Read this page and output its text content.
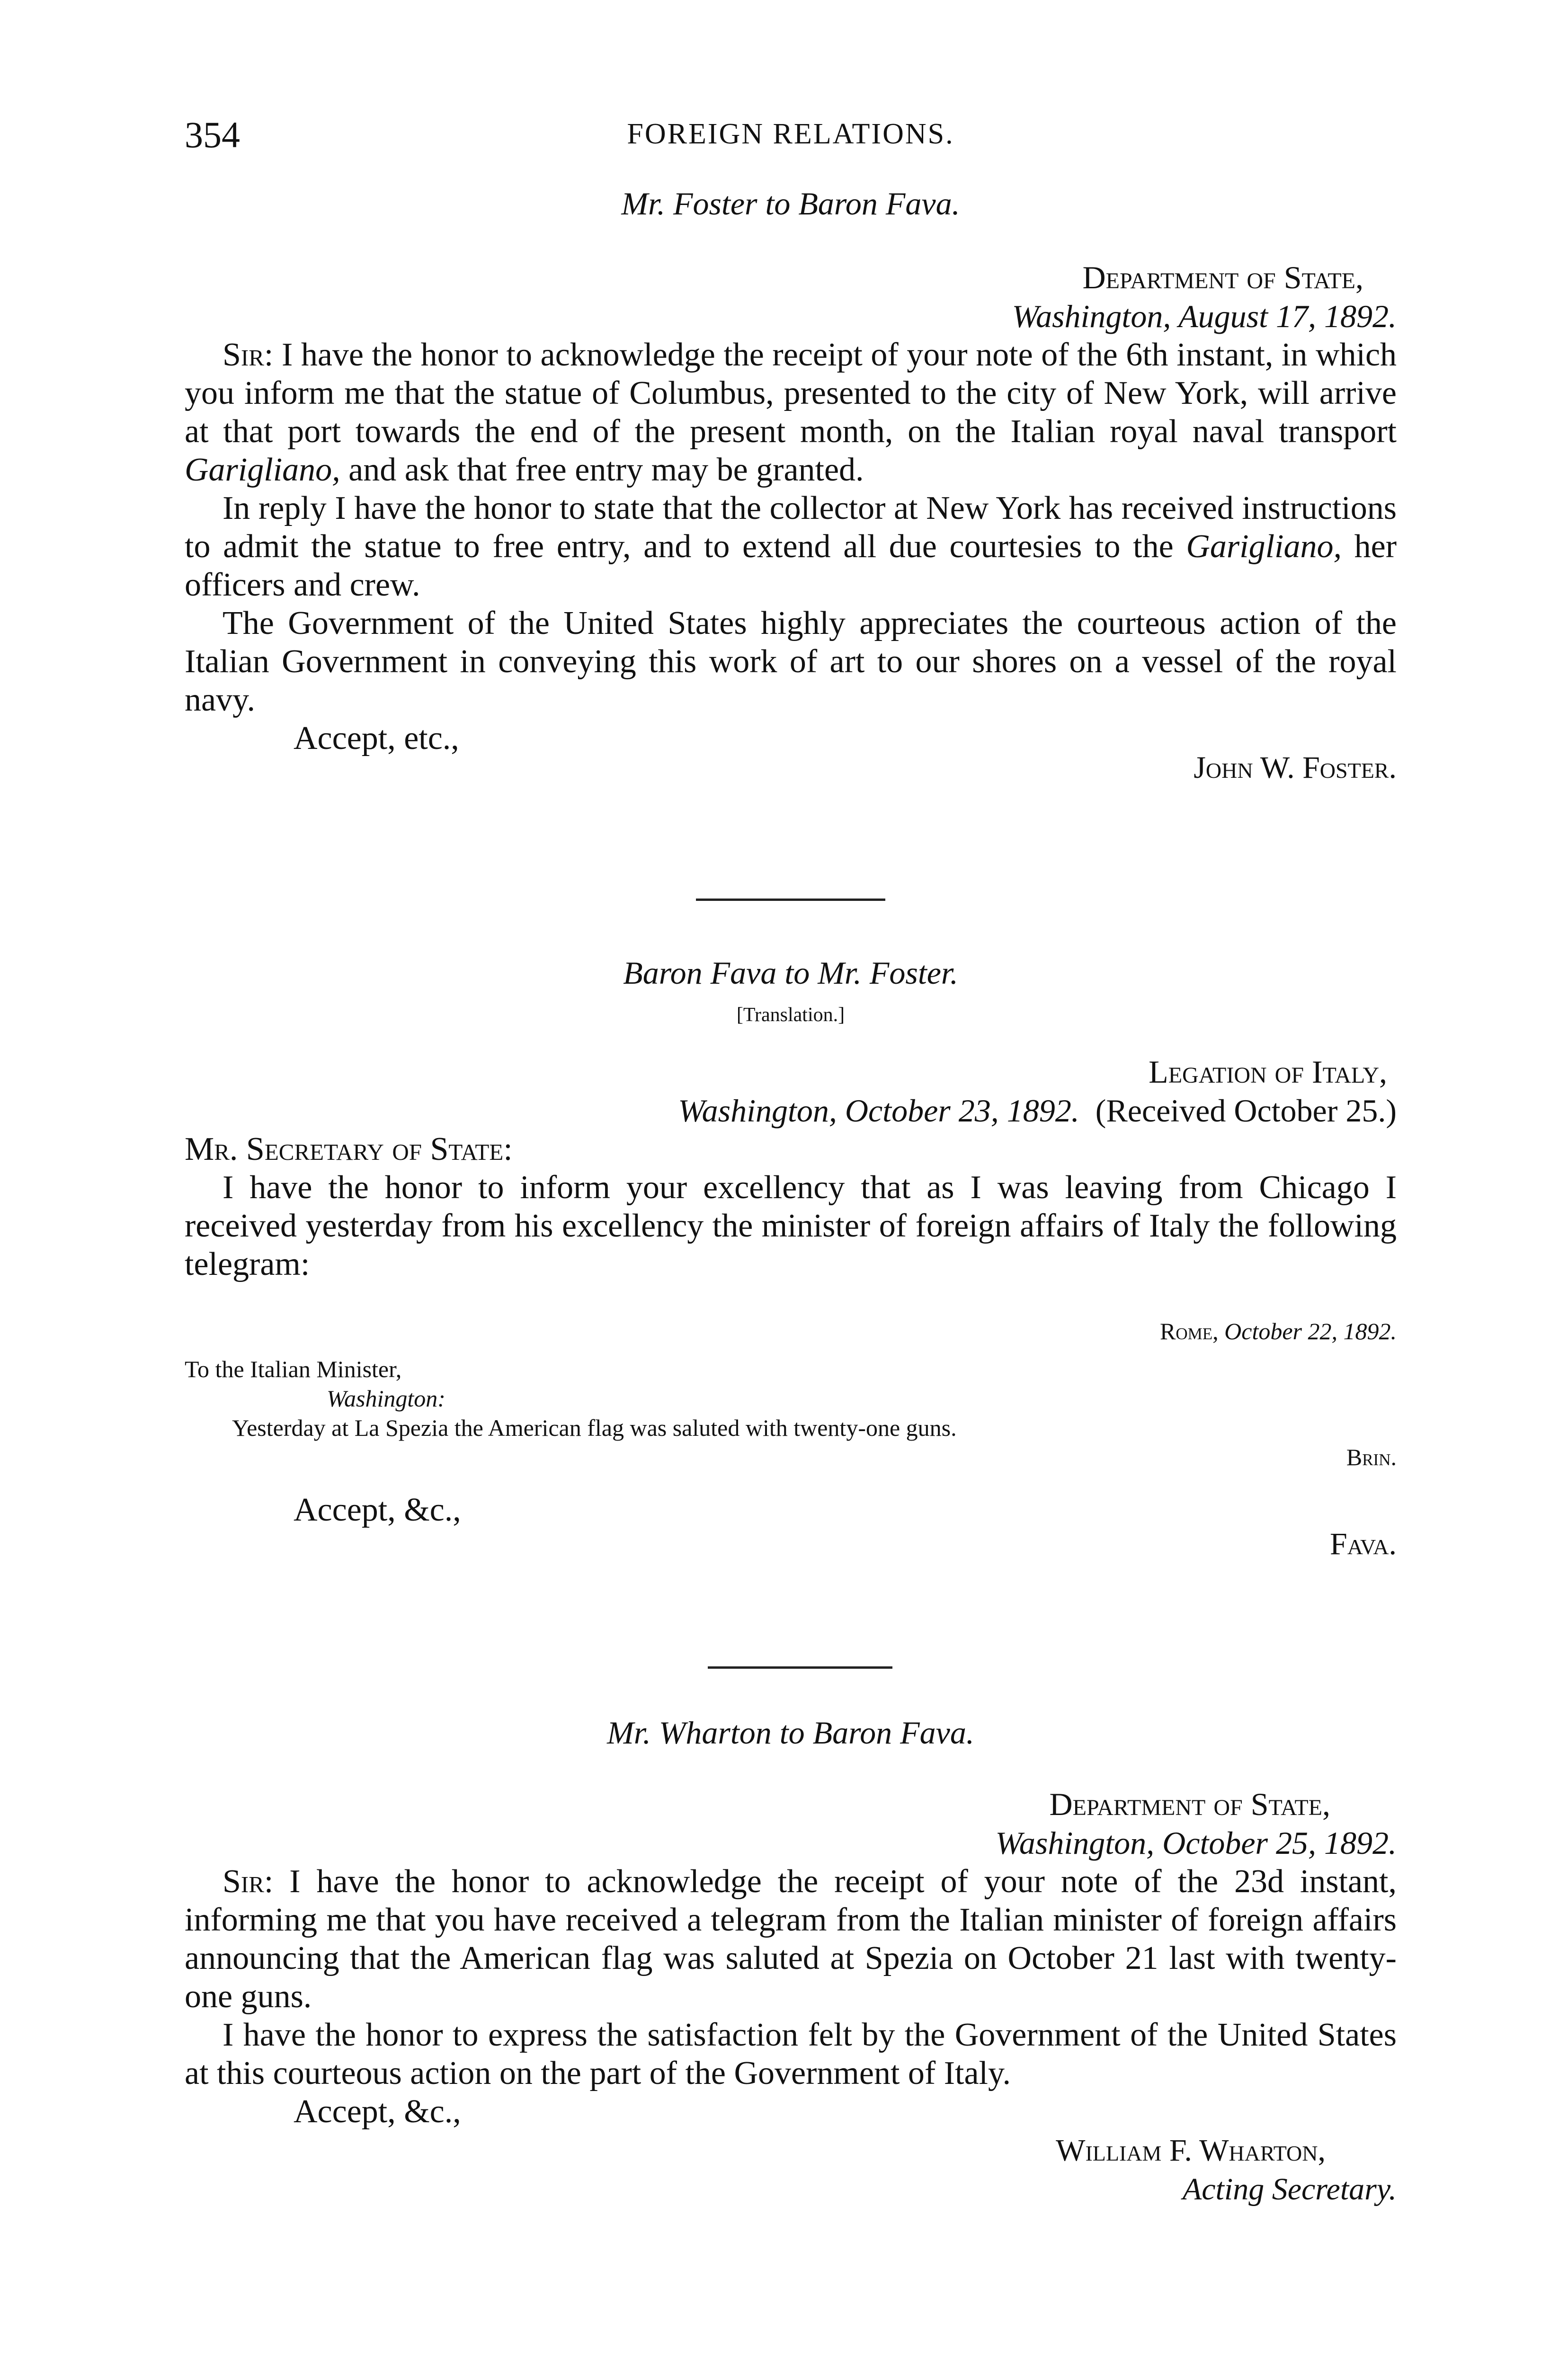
354	FOREIGN RELATIONS.

Mr. Foster to Baron Fava.

Department of State,

Washington, August 17, 1892.

Sir: I have the honor to acknowledge the receipt of your note of the 6th instant, in which you inform me that the statue of Columbus, presented to the city of New York, will arrive at that port towards the end of the present month, on the Italian royal naval transport Garigliano, and ask that free entry may be granted.

In reply I have the honor to state that the collector at New York has received instructions to admit the statue to free entry, and to extend all due courtesies to the Garigliano, her officers and crew.

The Government of the United States highly appreciates the courteous action of the Italian Government in conveying this work of art to our shores on a vessel of the royal navy.

Accept, etc.,

John W. Foster.

Baron Fava to Mr. Foster.

[Translation.]

Legation of Italy,

Washington, October 23, 1892. (Received October 25.)

Mr. Secretary of State:

I have the honor to inform your excellency that as I was leaving from Chicago I received yesterday from his excellency the minister of foreign affairs of Italy the following telegram:

Rome, October 22, 1892.

To the Italian Minister,

Washington:

Yesterday at La Spezia the American flag was saluted with twenty-one guns.

Brin.

Accept, &c.,

Fava.

Mr. Wharton to Baron Fava.

Department of State,

Washington, October 25, 1892.

Sir: I have the honor to acknowledge the receipt of your note of the 23d instant, informing me that you have received a telegram from the Italian minister of foreign affairs announcing that the American flag was saluted at Spezia on October 21 last with twenty-one guns.

I have the honor to express the satisfaction felt by the Government of the United States at this courteous action on the part of the Government of Italy.

Accept, &c.,

William F. Wharton,

Acting Secretary.
